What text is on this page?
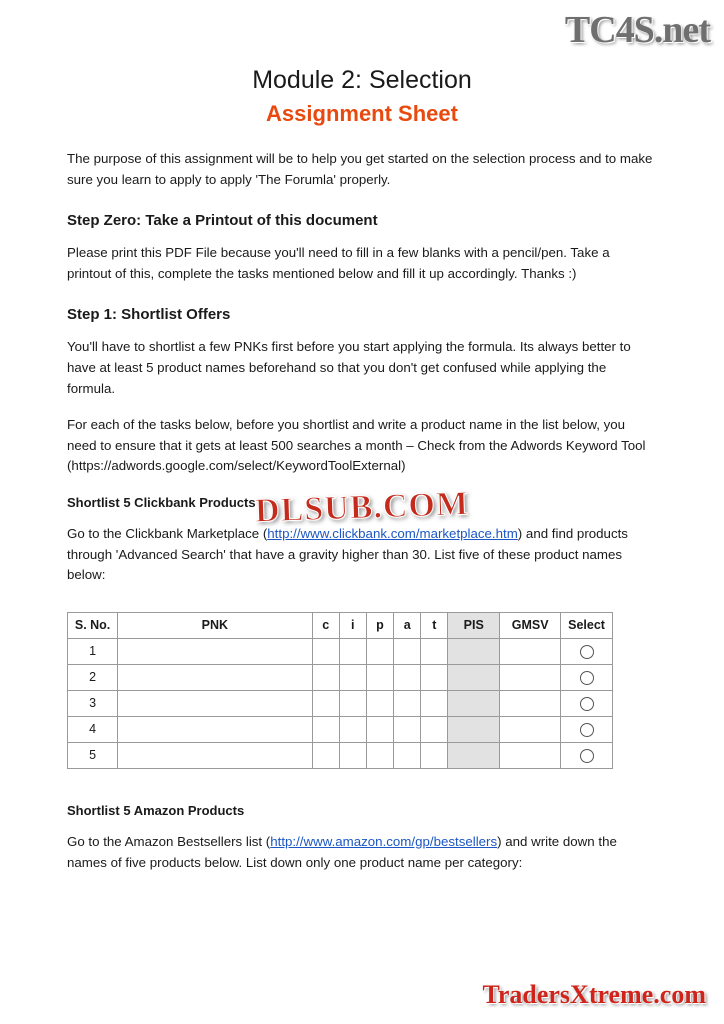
TC4S.net
Module 2: Selection
Assignment Sheet

The purpose of this assignment will be to help you get started on the selection process and to make sure you learn to apply to apply 'The Forumla' properly.

Step Zero: Take a Printout of this document

Please print this PDF File because you'll need to fill in a few blanks with a pencil/pen. Take a printout of this, complete the tasks mentioned below and fill it up accordingly. Thanks :)

Step 1: Shortlist Offers

You'll have to shortlist a few PNKs first before you start applying the formula. Its always better to have at least 5 product names beforehand so that you don't get confused while applying the formula.

For each of the tasks below, before you shortlist and write a product name in the list below, you need to ensure that it gets at least 500 searches a month – Check from the Adwords Keyword Tool (https://adwords.google.com/select/KeywordToolExternal)

Shortlist 5 Clickbank Products

Go to the Clickbank Marketplace (http://www.clickbank.com/marketplace.htm) and find products through 'Advanced Search' that have a gravity higher than 30. List five of these product names below:

S. No.	PNK	c	i	p	a	t	PIS	GMSV	Select
1									
2									
3									
4									
5									
Shortlist 5 Amazon Products

Go to the Amazon Bestsellers list (http://www.amazon.com/gp/bestsellers) and write down the names of five products below. List down only one product name per category:

DLSUB.COM
TradersXtreme.com
